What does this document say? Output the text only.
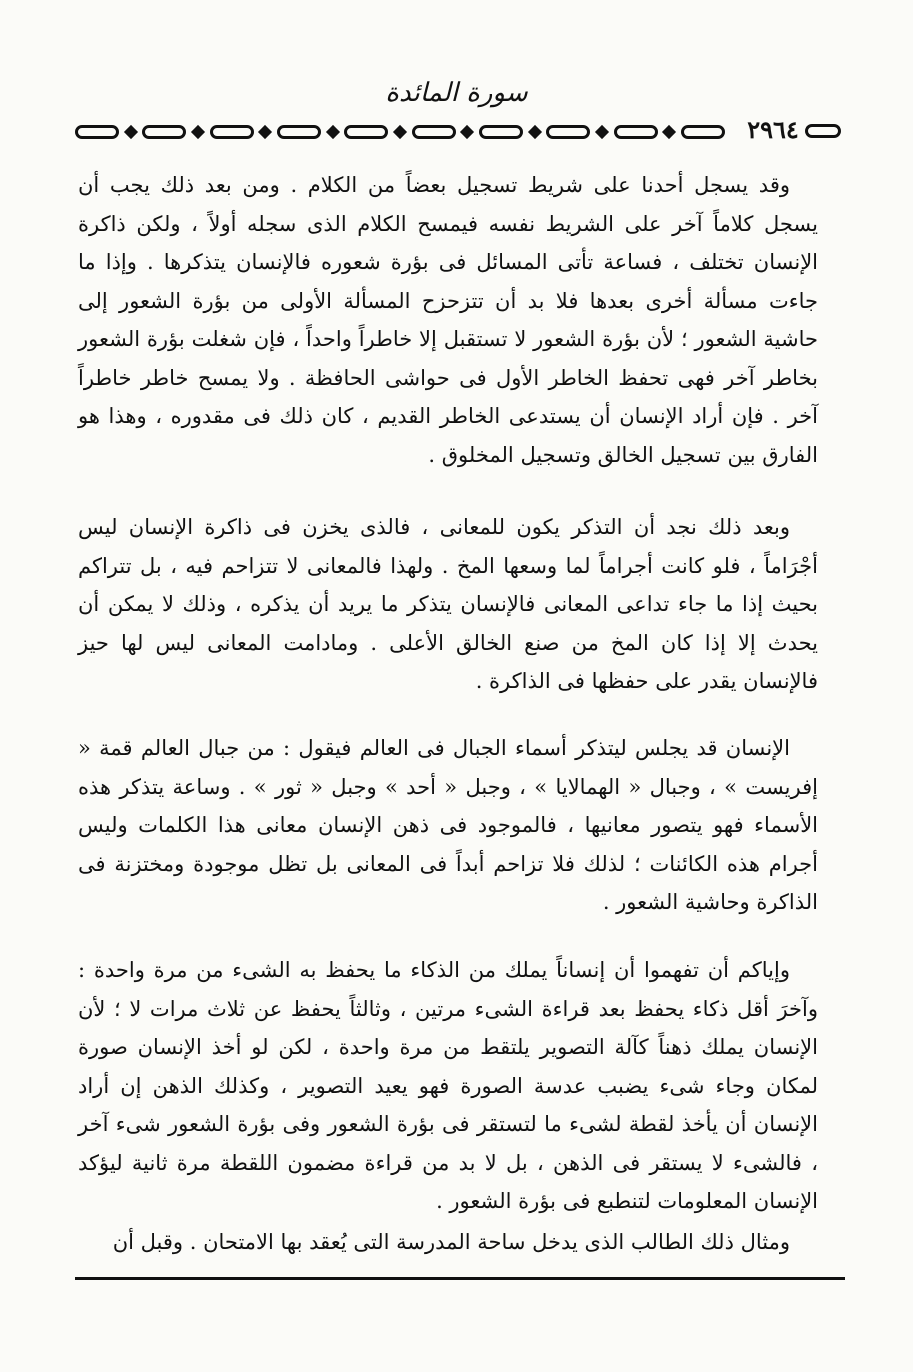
سورة المائدة
٢٩٦٤

وقد يسجل أحدنا على شريط تسجيل بعضاً من الكلام . ومن بعد ذلك يجب أن يسجل كلاماً آخر على الشريط نفسه فيمسح الكلام الذى سجله أولاً ، ولكن ذاكرة الإنسان تختلف ، فساعة تأتى المسائل فى بؤرة شعوره فالإنسان يتذكرها . وإذا ما جاءت مسألة أخرى بعدها فلا بد أن تتزحزح المسألة الأولى من بؤرة الشعور إلى حاشية الشعور ؛ لأن بؤرة الشعور لا تستقبل إلا خاطراً واحداً ، فإن شغلت بؤرة الشعور بخاطر آخر فهى تحفظ الخاطر الأول فى حواشى الحافظة . ولا يمسح خاطر خاطراً آخر . فإن أراد الإنسان أن يستدعى الخاطر القديم ، كان ذلك فى مقدوره ، وهذا هو الفارق بين تسجيل الخالق وتسجيل المخلوق .

وبعد ذلك نجد أن التذكر يكون للمعانى ، فالذى يخزن فى ذاكرة الإنسان ليس أجْرَاماً ، فلو كانت أجراماً لما وسعها المخ . ولهذا فالمعانى لا تتزاحم فيه ، بل تتراكم بحيث إذا ما جاء تداعى المعانى فالإنسان يتذكر ما يريد أن يذكره ، وذلك لا يمكن أن يحدث إلا إذا كان المخ من صنع الخالق الأعلى . ومادامت المعانى ليس لها حيز فالإنسان يقدر على حفظها فى الذاكرة .

الإنسان قد يجلس ليتذكر أسماء الجبال فى العالم فيقول : من جبال العالم قمة « إفريست » ، وجبال « الهمالايا » ، وجبل « أحد » وجبل « ثور » . وساعة يتذكر هذه الأسماء فهو يتصور معانيها ، فالموجود فى ذهن الإنسان معانى هذا الكلمات وليس أجرام هذه الكائنات ؛ لذلك فلا تزاحم أبداً فى المعانى بل تظل موجودة ومختزنة فى الذاكرة وحاشية الشعور .

وإياكم أن تفهموا أن إنساناً يملك من الذكاء ما يحفظ به الشىء من مرة واحدة : وآخرَ أقل ذكاء يحفظ بعد قراءة الشىء مرتين ، وثالثاً يحفظ عن ثلاث مرات لا ؛ لأن الإنسان يملك ذهناً كآلة التصوير يلتقط من مرة واحدة ، لكن لو أخذ الإنسان صورة لمكان وجاء شىء يضبب عدسة الصورة فهو يعيد التصوير ، وكذلك الذهن إن أراد الإنسان أن يأخذ لقطة لشىء ما لتستقر فى بؤرة الشعور وفى بؤرة الشعور شىء آخر ، فالشىء لا يستقر فى الذهن ، بل لا بد من قراءة مضمون اللقطة مرة ثانية ليؤكد الإنسان المعلومات لتنطبع فى بؤرة الشعور .

ومثال ذلك الطالب الذى يدخل ساحة المدرسة التى يُعقد بها الامتحان . وقبل أن
